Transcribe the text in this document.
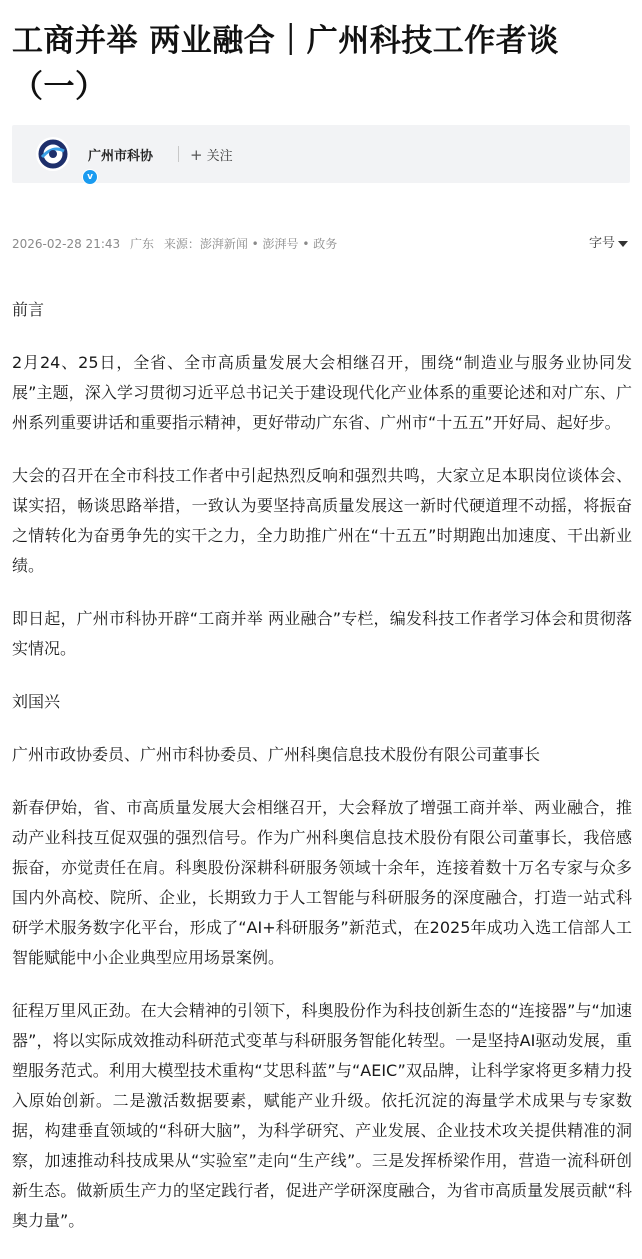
工商并举 两业融合｜广州科技工作者谈（一）
v
广州市科协 + 关注
2026-02-28 21:43 广东 来源：澎湃新闻 • 澎湃号 • 政务	字号

前言

2月24、25日，全省、全市高质量发展大会相继召开，围绕“制造业与服务业协同发展”主题，深入学习贯彻习近平总书记关于建设现代化产业体系的重要论述和对广东、广州系列重要讲话和重要指示精神，更好带动广东省、广州市“十五五”开好局、起好步。

大会的召开在全市科技工作者中引起热烈反响和强烈共鸣，大家立足本职岗位谈体会、谋实招，畅谈思路举措，一致认为要坚持高质量发展这一新时代硬道理不动摇，将振奋之情转化为奋勇争先的实干之力，全力助推广州在“十五五”时期跑出加速度、干出新业绩。

即日起，广州市科协开辟“工商并举 两业融合”专栏，编发科技工作者学习体会和贯彻落实情况。

刘国兴

广州市政协委员、广州市科协委员、广州科奥信息技术股份有限公司董事长

新春伊始，省、市高质量发展大会相继召开，大会释放了增强工商并举、两业融合，推动产业科技互促双强的强烈信号。作为广州科奥信息技术股份有限公司董事长，我倍感振奋，亦觉责任在肩。科奥股份深耕科研服务领域十余年，连接着数十万名专家与众多国内外高校、院所、企业，长期致力于人工智能与科研服务的深度融合，打造一站式科研学术服务数字化平台，形成了“AI+科研服务”新范式，在2025年成功入选工信部人工智能赋能中小企业典型应用场景案例。

征程万里风正劲。在大会精神的引领下，科奥股份作为科技创新生态的“连接器”与“加速器”，将以实际成效推动科研范式变革与科研服务智能化转型。一是坚持AI驱动发展，重塑服务范式。利用大模型技术重构“艾思科蓝”与“AEIC”双品牌，让科学家将更多精力投入原始创新。二是激活数据要素，赋能产业升级。依托沉淀的海量学术成果与专家数据，构建垂直领域的“科研大脑”，为科学研究、产业发展、企业技术攻关提供精准的洞察，加速推动科技成果从“实验室”走向“生产线”。三是发挥桥梁作用，营造一流科研创新生态。做新质生产力的坚定践行者，促进产学研深度融合，为省市高质量发展贡献“科奥力量”。
